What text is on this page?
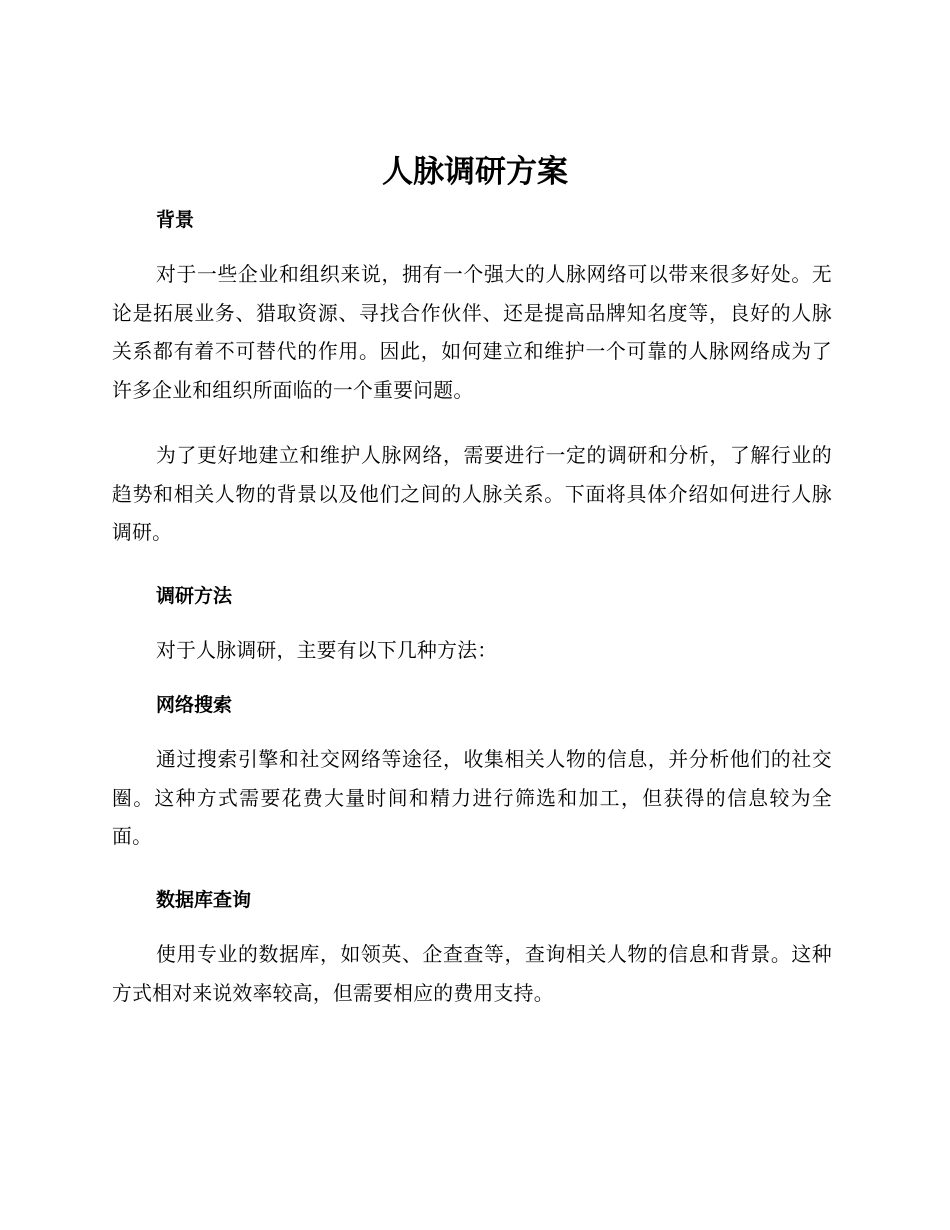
人脉调研方案
背景

对于一些企业和组织来说，拥有一个强大的人脉网络可以带来很多好处。无论是拓展业务、猎取资源、寻找合作伙伴、还是提高品牌知名度等，良好的人脉关系都有着不可替代的作用。因此，如何建立和维护一个可靠的人脉网络成为了许多企业和组织所面临的一个重要问题。

为了更好地建立和维护人脉网络，需要进行一定的调研和分析，了解行业的趋势和相关人物的背景以及他们之间的人脉关系。下面将具体介绍如何进行人脉调研。

调研方法

对于人脉调研，主要有以下几种方法：

网络搜索

通过搜索引擎和社交网络等途径，收集相关人物的信息，并分析他们的社交圈。这种方式需要花费大量时间和精力进行筛选和加工，但获得的信息较为全面。

数据库查询

使用专业的数据库，如领英、企查查等，查询相关人物的信息和背景。这种方式相对来说效率较高，但需要相应的费用支持。
